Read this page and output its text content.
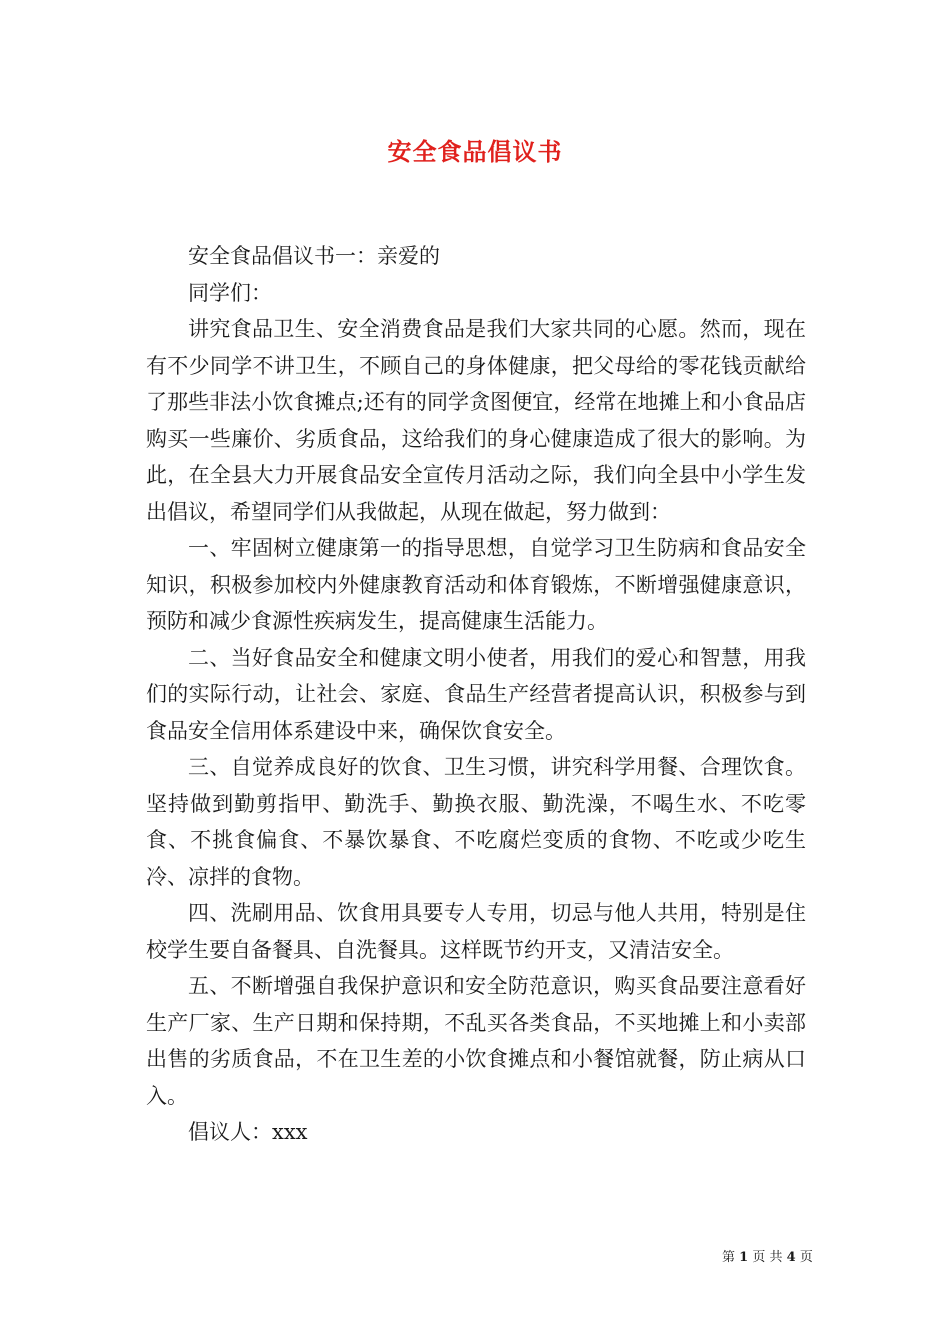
安全食品倡议书

安全食品倡议书一：亲爱的

同学们：

讲究食品卫生、安全消费食品是我们大家共同的心愿。然而，现在有不少同学不讲卫生，不顾自己的身体健康，把父母给的零花钱贡献给了那些非法小饮食摊点;还有的同学贪图便宜，经常在地摊上和小食品店购买一些廉价、劣质食品，这给我们的身心健康造成了很大的影响。为此，在全县大力开展食品安全宣传月活动之际，我们向全县中小学生发出倡议，希望同学们从我做起，从现在做起，努力做到：

一、牢固树立健康第一的指导思想，自觉学习卫生防病和食品安全知识，积极参加校内外健康教育活动和体育锻炼，不断增强健康意识，预防和减少食源性疾病发生，提高健康生活能力。

二、当好食品安全和健康文明小使者，用我们的爱心和智慧，用我们的实际行动，让社会、家庭、食品生产经营者提高认识，积极参与到食品安全信用体系建设中来，确保饮食安全。

三、自觉养成良好的饮食、卫生习惯，讲究科学用餐、合理饮食。坚持做到勤剪指甲、勤洗手、勤换衣服、勤洗澡，不喝生水、不吃零食、不挑食偏食、不暴饮暴食、不吃腐烂变质的食物、不吃或少吃生冷、凉拌的食物。

四、洗刷用品、饮食用具要专人专用，切忌与他人共用，特别是住校学生要自备餐具、自洗餐具。这样既节约开支，又清洁安全。

五、不断增强自我保护意识和安全防范意识，购买食品要注意看好生产厂家、生产日期和保持期，不乱买各类食品，不买地摊上和小卖部出售的劣质食品，不在卫生差的小饮食摊点和小餐馆就餐，防止病从口入。

倡议人：xxx

第 1 页 共 4 页
